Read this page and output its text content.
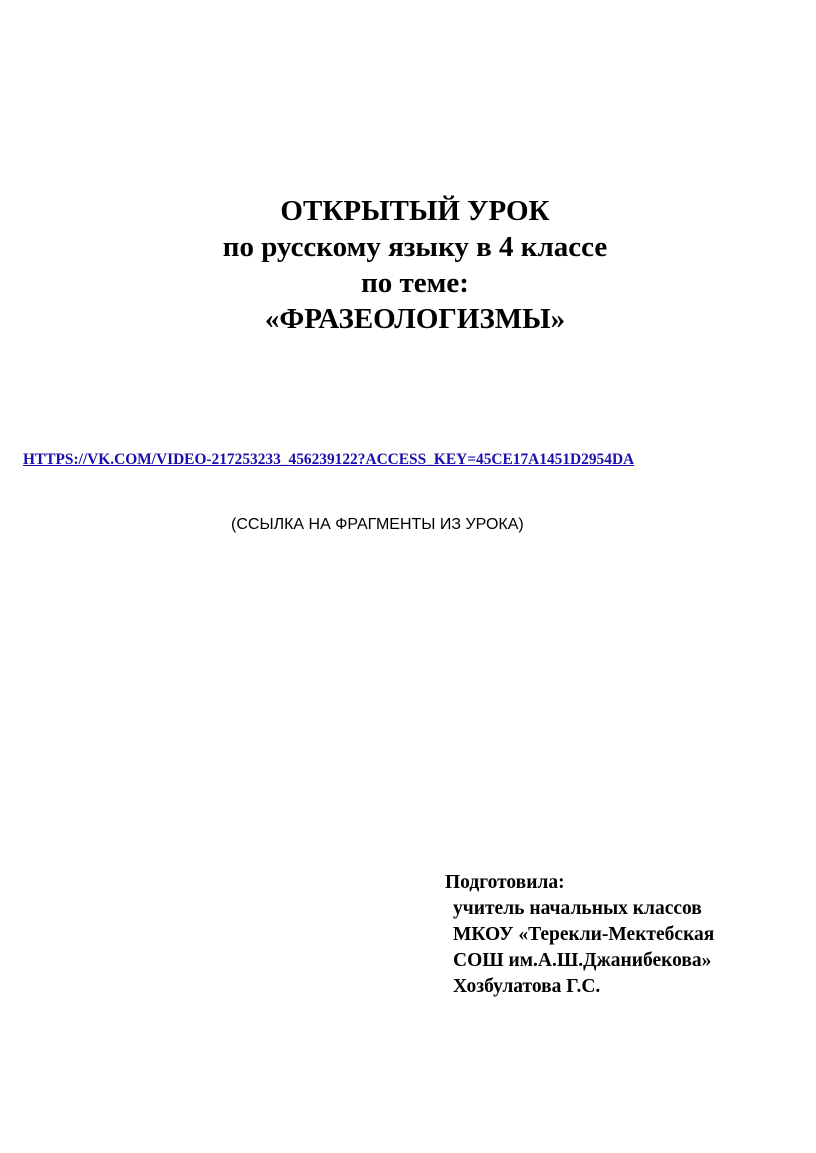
ОТКРЫТЫЙ УРОК
по русскому языку в 4 классе
по теме:
«ФРАЗЕОЛОГИЗМЫ»
HTTPS://VK.COM/VIDEO-217253233_456239122?ACCESS_KEY=45CE17A1451D2954DA
(ССЫЛКА НА ФРАГМЕНТЫ ИЗ УРОКА)
Подготовила:
учитель начальных классов
МКОУ «Терекли-Мектебская
СОШ им.А.Ш.Джанибекова»
Хозбулатова Г.С.
